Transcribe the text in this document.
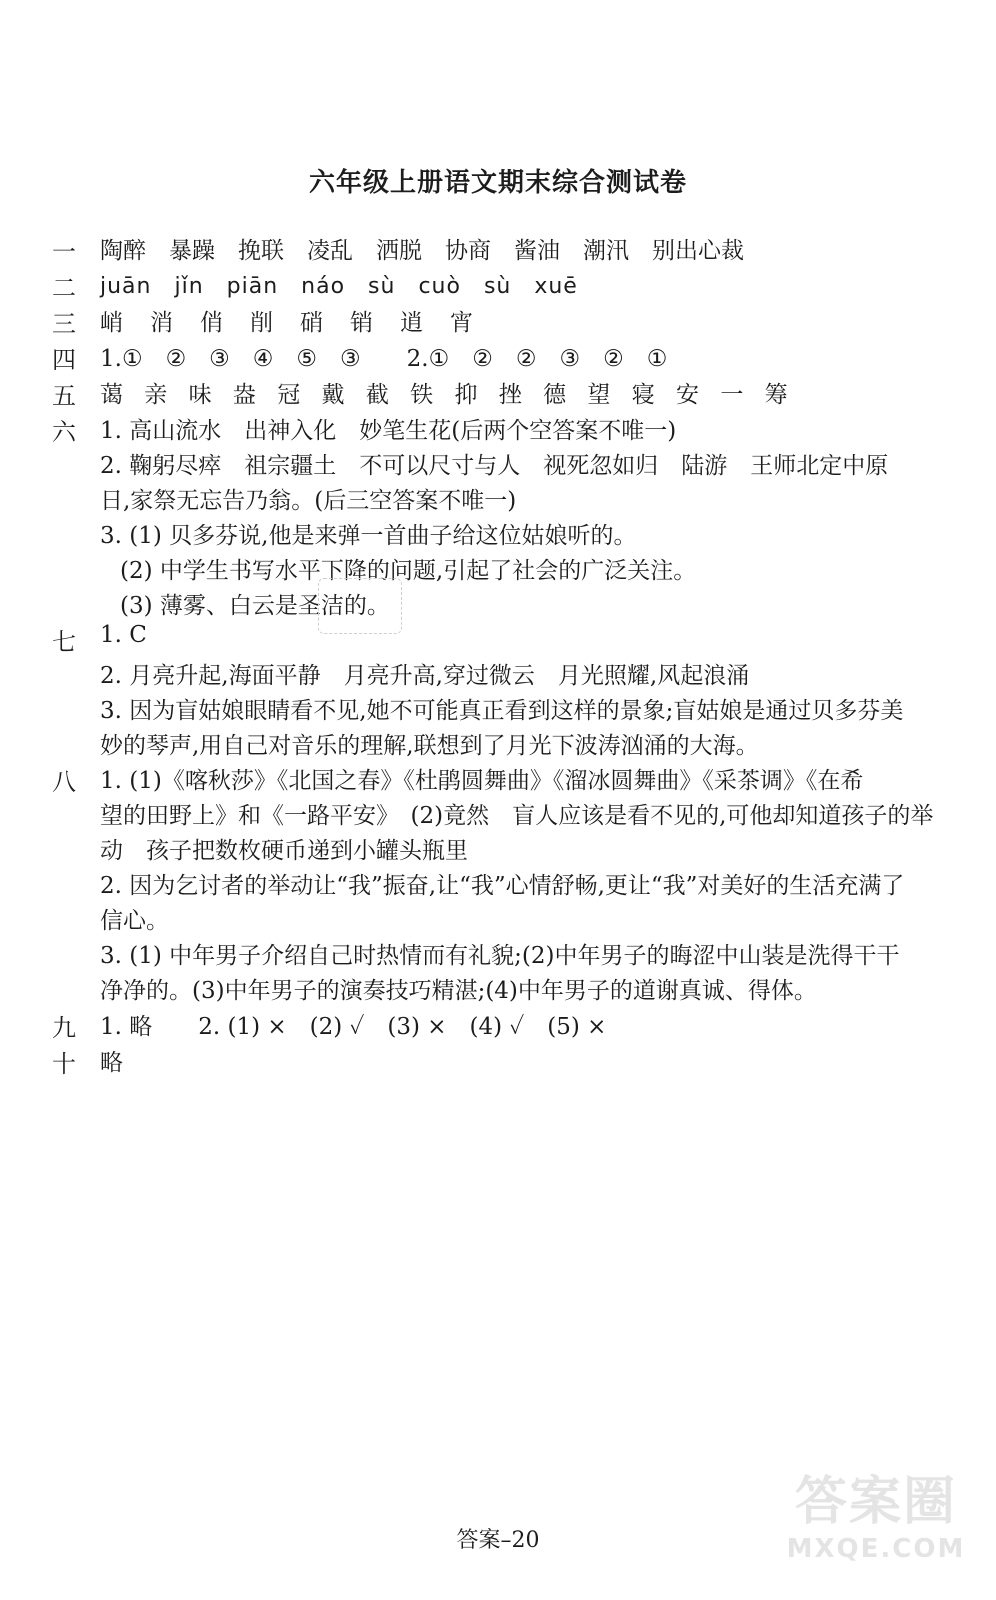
六年级上册语文期末综合测试卷
一 陶醉　暴躁　挽联　凌乱　洒脱　协商　酱油　潮汛　别出心裁
二 juān　jǐn　piān　náo　sù　cuò　sù　xuē
三 峭　消　俏　削　硝　销　逍　宵
四 1.①　②　③　④　⑤　③　　2.①　②　②　③　②　①
五 蔼 亲 味 盎 冠 戴 截 铁 抑 挫 德 望 寝 安 一 筹
六 1. 高山流水　出神入化　妙笔生花(后两个空答案不唯一)
2. 鞠躬尽瘁　祖宗疆土　不可以尺寸与人　视死忽如归　陆游　王师北定中原
日,家祭无忘告乃翁。(后三空答案不唯一)
3. (1) 贝多芬说,他是来弹一首曲子给这位姑娘听的。
(2) 中学生书写水平下降的问题,引起了社会的广泛关注。
(3) 薄雾、白云是圣洁的。
七 1. C
2. 月亮升起,海面平静　月亮升高,穿过微云　月光照耀,风起浪涌
3. 因为盲姑娘眼睛看不见,她不可能真正看到这样的景象;盲姑娘是通过贝多芬美
妙的琴声,用自己对音乐的理解,联想到了月光下波涛汹涌的大海。
八 1. (1)《喀秋莎》《北国之春》《杜鹃圆舞曲》《溜冰圆舞曲》《采茶调》《在希
望的田野上》和《一路平安》　(2)竟然　盲人应该是看不见的,可他却知道孩子的举
动　孩子把数枚硬币递到小罐头瓶里
2. 因为乞讨者的举动让“我”振奋,让“我”心情舒畅,更让“我”对美好的生活充满了
信心。
3. (1) 中年男子介绍自己时热情而有礼貌;(2)中年男子的晦涩中山装是洗得干干
净净的。(3)中年男子的演奏技巧精湛;(4)中年男子的道谢真诚、得体。
九 1. 略　　2. (1) ×　(2) ✓　(3) ×　(4) ✓　(5) ×
十 略
答案–20
答案圈
MXQE.COM
